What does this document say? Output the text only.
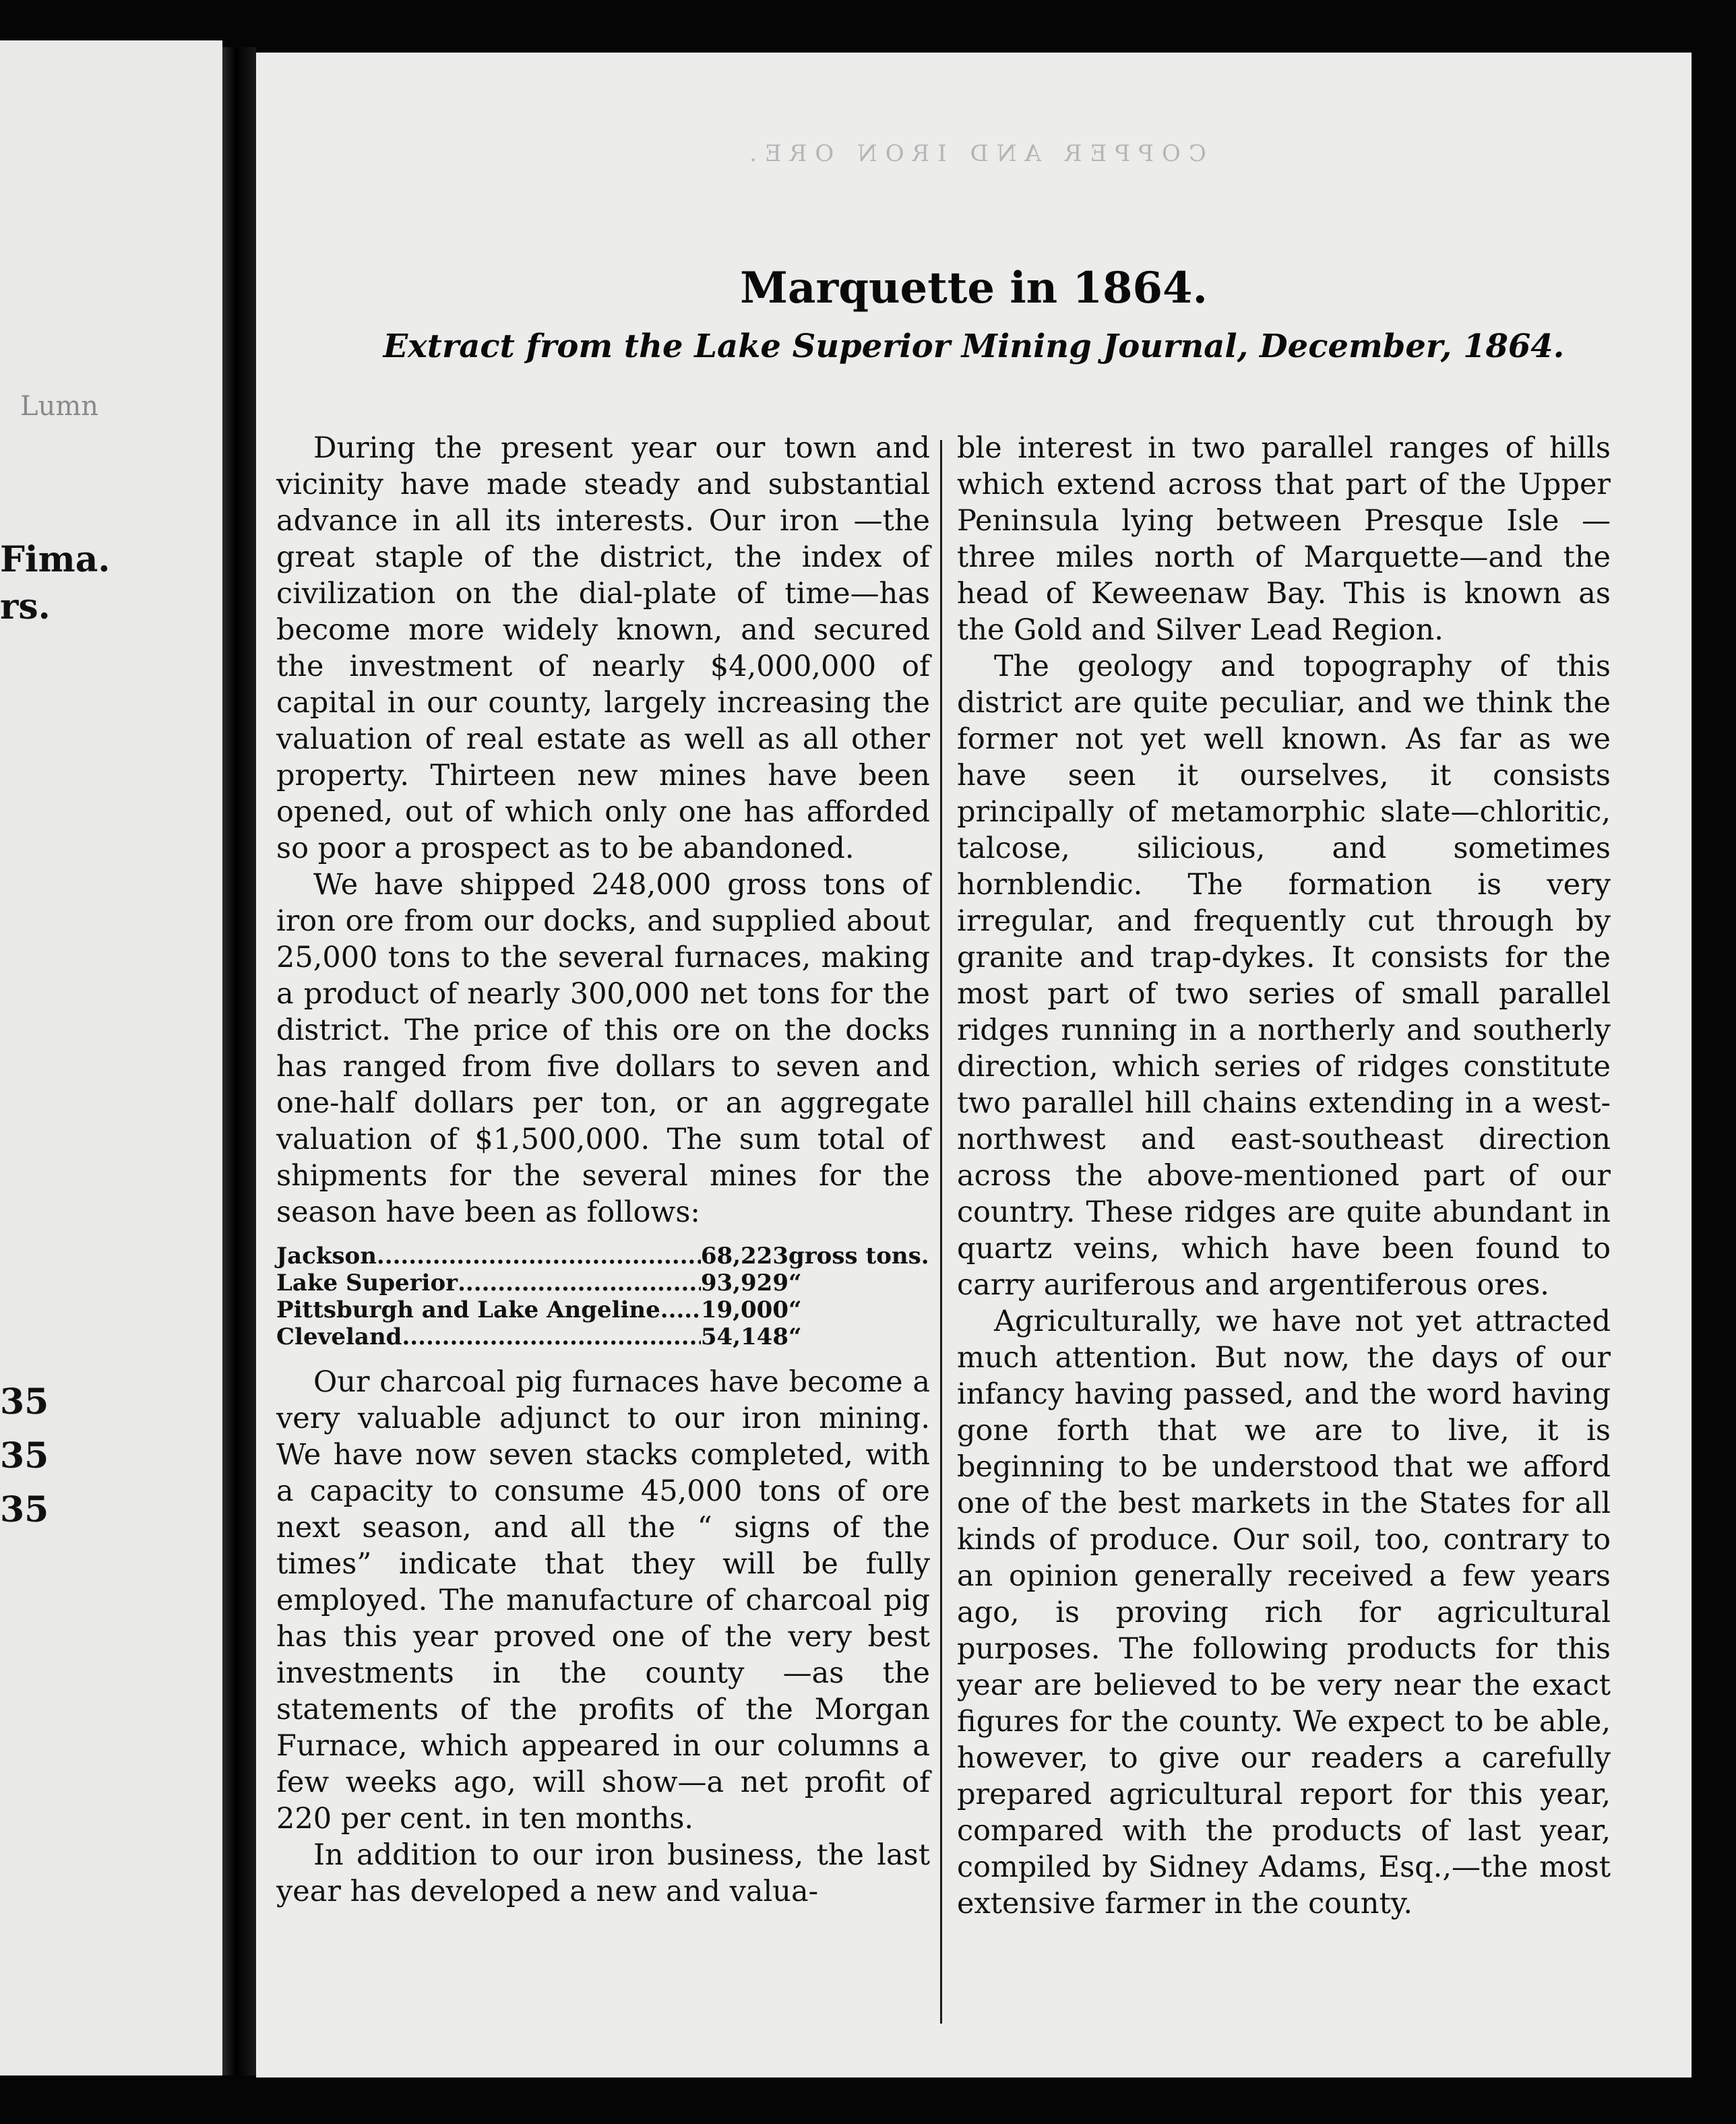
Lumn
Fima.
rs.
35
35
35
COPPER AND IRON ORE.
Marquette in 1864.
Extract from the Lake Superior Mining Journal, December, 1864.

During the present year our town and vicinity have made steady and substantial advance in all its interests. Our iron —the great staple of the district, the index of civilization on the dial-plate of time—has become more widely known, and secured the investment of nearly $4,000,000 of capital in our county, largely increasing the valuation of real estate as well as all other property. Thirteen new mines have been opened, out of which only one has afforded so poor a prospect as to be abandoned.

We have shipped 248,000 gross tons of iron ore from our docks, and supplied about 25,000 tons to the several furnaces, making a product of nearly 300,000 net tons for the district. The price of this ore on the docks has ranged from five dollars to seven and one-half dollars per ton, or an aggregate valuation of $1,500,000. The sum total of shipments for the several mines for the season have been as follows:

Jackson .....	68,223 gross tons.
Lake Superior .....	93,929 “
Pittsburgh and Lake Angeline ..... 19,000 “
Cleveland .....	54,148 “

Our charcoal pig furnaces have become a very valuable adjunct to our iron mining. We have now seven stacks completed, with a capacity to consume 45,000 tons of ore next season, and all the “ signs of the times” indicate that they will be fully employed. The manufacture of charcoal pig has this year proved one of the very best investments in the county —as the statements of the profits of the Morgan Furnace, which appeared in our columns a few weeks ago, will show—a net profit of 220 per cent. in ten months.

In addition to our iron business, the last year has developed a new and valua-

ble interest in two parallel ranges of hills which extend across that part of the Upper Peninsula lying between Presque Isle —three miles north of Marquette—and the head of Keweenaw Bay. This is known as the Gold and Silver Lead Region.

The geology and topography of this district are quite peculiar, and we think the former not yet well known. As far as we have seen it ourselves, it consists principally of metamorphic slate—chloritic, talcose, silicious, and sometimes hornblendic. The formation is very irregular, and frequently cut through by granite and trap-dykes. It consists for the most part of two series of small parallel ridges running in a northerly and southerly direction, which series of ridges constitute two parallel hill chains extending in a west-northwest and east-southeast direction across the above-mentioned part of our country. These ridges are quite abundant in quartz veins, which have been found to carry auriferous and argentiferous ores.

Agriculturally, we have not yet attracted much attention. But now, the days of our infancy having passed, and the word having gone forth that we are to live, it is beginning to be understood that we afford one of the best markets in the States for all kinds of produce. Our soil, too, contrary to an opinion generally received a few years ago, is proving rich for agricultural purposes. The following products for this year are believed to be very near the exact figures for the county. We expect to be able, however, to give our readers a carefully prepared agricultural report for this year, compared with the products of last year, compiled by Sidney Adams, Esq.,—the most extensive farmer in the county.
